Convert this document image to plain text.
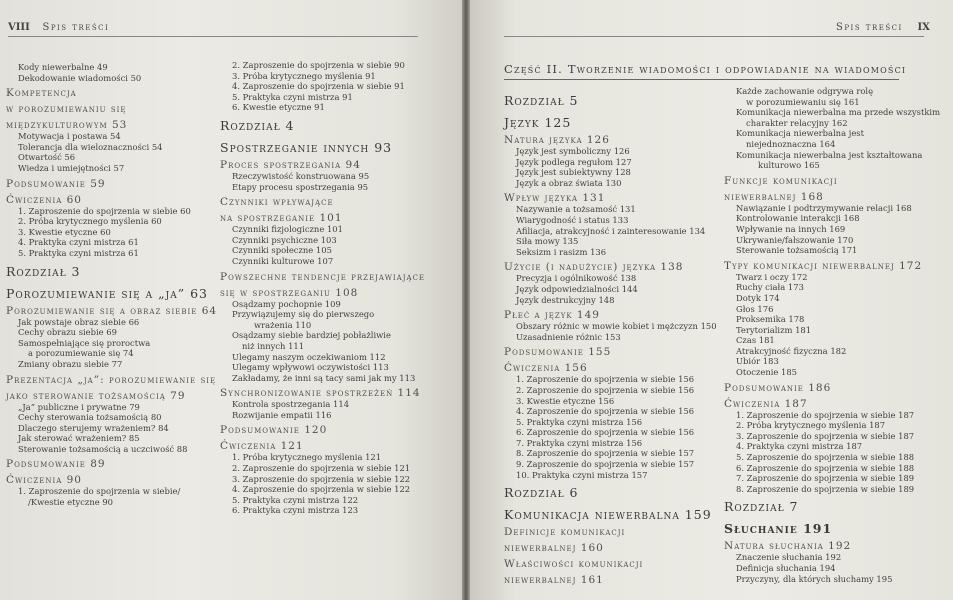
VIII Spis treści	Spis treści IX
Część II. Tworzenie wiadomości i odpowiadanie na wiadomości
Kody niewerbalne 49
Dekodowanie wiadomości 50
Kompetencja
w porozumiewaniu się
międzykulturowym 53
Motywacja i postawa 54
Tolerancja dla wieloznaczności 54
Otwartość 56
Wiedza i umiejętności 57
Podsumowanie 59
Ćwiczenia 60
1. Zaproszenie do spojrzenia w siebie 60
2. Próba krytycznego myślenia 60
3. Kwestie etyczne 60
4. Praktyka czyni mistrza 61
5. Praktyka czyni mistrza 61
Rozdział 3
Porozumiewanie się a „ja” 63
Porozumiewanie się a obraz siebie 64
Jak powstaje obraz siebie 66
Cechy obrazu siebie 69
Samospełniające się proroctwa
a porozumiewanie się 74
Zmiany obrazu siebie 77
Prezentacja „ja”: porozumiewanie się
jako sterowanie tożsamością 79
„Ja” publiczne i prywatne 79
Cechy sterowania tożsamością 80
Dlaczego sterujemy wrażeniem? 84
Jak sterować wrażeniem? 85
Sterowanie tożsamością a uczciwość 88
Podsumowanie 89
Ćwiczenia 90
1. Zaproszenie do spojrzenia w siebie/
/Kwestie etyczne 90
2. Zaproszenie do spojrzenia w siebie 90
3. Próba krytycznego myślenia 91
4. Zaproszenie do spojrzenia w siebie 91
5. Praktyka czyni mistrza 91
6. Kwestie etyczne 91
Rozdział 4
Spostrzeganie innych 93
Proces spostrzegania 94
Rzeczywistość konstruowana 95
Etapy procesu spostrzegania 95
Czynniki wpływające
na spostrzeganie 101
Czynniki fizjologiczne 101
Czynniki psychiczne 103
Czynniki społeczne 105
Czynniki kulturowe 107
Powszechne tendencje przejawiające
się w spostrzeganiu 108
Osądzamy pochopnie 109
Przywiązujemy się do pierwszego
wrażenia 110
Osądzamy siebie bardziej pobłażliwie
niż innych 111
Ulegamy naszym oczekiwaniom 112
Ulegamy wpływowi oczywistości 113
Zakładamy, że inni są tacy sami jak my 113
Synchronizowanie spostrzeżeń 114
Kontrola spostrzegania 114
Rozwijanie empatii 116
Podsumowanie 120
Ćwiczenia 121
1. Próba krytycznego myślenia 121
2. Zaproszenie do spojrzenia w siebie 121
3. Zaproszenie do spojrzenia w siebie 122
4. Zaproszenie do spojrzenia w siebie 122
5. Praktyka czyni mistrza 122
6. Praktyka czyni mistrza 123
Rozdział 5
Język 125
Natura języka 126
Język jest symboliczny 126
Język podlega regułom 127
Język jest subiektywny 128
Język a obraz świata 130
Wpływ języka 131
Nazywanie a tożsamość 131
Wiarygodność i status 133
Afiliacja, atrakcyjność i zainteresowanie 134
Siła mowy 135
Seksizm i rasizm 136
Użycie (i nadużycie) języka 138
Precyzja i ogólnikowość 138
Język odpowiedzialności 144
Język destrukcyjny 148
Płeć a język 149
Obszary różnic w mowie kobiet i mężczyzn 150
Uzasadnienie różnic 153
Podsumowanie 155
Ćwiczenia 156
1. Zaproszenie do spojrzenia w siebie 156
2. Zaproszenie do spojrzenia w siebie 156
3. Kwestie etyczne 156
4. Zaproszenie do spojrzenia w siebie 156
5. Praktyka czyni mistrza 156
6. Zaproszenie do spojrzenia w siebie 156
7. Praktyka czyni mistrza 156
8. Zaproszenie do spojrzenia w siebie 157
9. Zaproszenie do spojrzenia w siebie 157
10. Praktyka czyni mistrza 157
Rozdział 6
Komunikacja niewerbalna 159
Definicje komunikacji
niewerbalnej 160
Właściwości komunikacji
niewerbalnej 161
Każde zachowanie odgrywa rolę
w porozumiewaniu się 161
Komunikacja niewerbalna ma przede wszystkim
charakter relacyjny 162
Komunikacja niewerbalna jest
niejednoznaczna 164
Komunikacja niewerbalna jest kształtowana
kulturowo 165
Funkcje komunikacji
niewerbalnej 168
Nawiązanie i podtrzymywanie relacji 168
Kontrolowanie interakcji 168
Wpływanie na innych 169
Ukrywanie/fałszowanie 170
Sterowanie tożsamością 171
Typy komunikacji niewerbalnej 172
Twarz i oczy 172
Ruchy ciała 173
Dotyk 174
Głos 176
Proksemika 178
Terytorializm 181
Czas 181
Atrakcyjność fizyczna 182
Ubiór 183
Otoczenie 185
Podsumowanie 186
Ćwiczenia 187
1. Zaproszenie do spojrzenia w siebie 187
2. Próba krytycznego myślenia 187
3. Zaproszenie do spojrzenia w siebie 187
4. Praktyka czyni mistrza 187
5. Zaproszenie do spojrzenia w siebie 188
6. Zaproszenie do spojrzenia w siebie 188
7. Zaproszenie do spojrzenia w siebie 189
8. Zaproszenie do spojrzenia w siebie 189
Rozdział 7
Słuchanie 191
Natura słuchania 192
Znaczenie słuchania 192
Definicja słuchania 194
Przyczyny, dla których słuchamy 195
